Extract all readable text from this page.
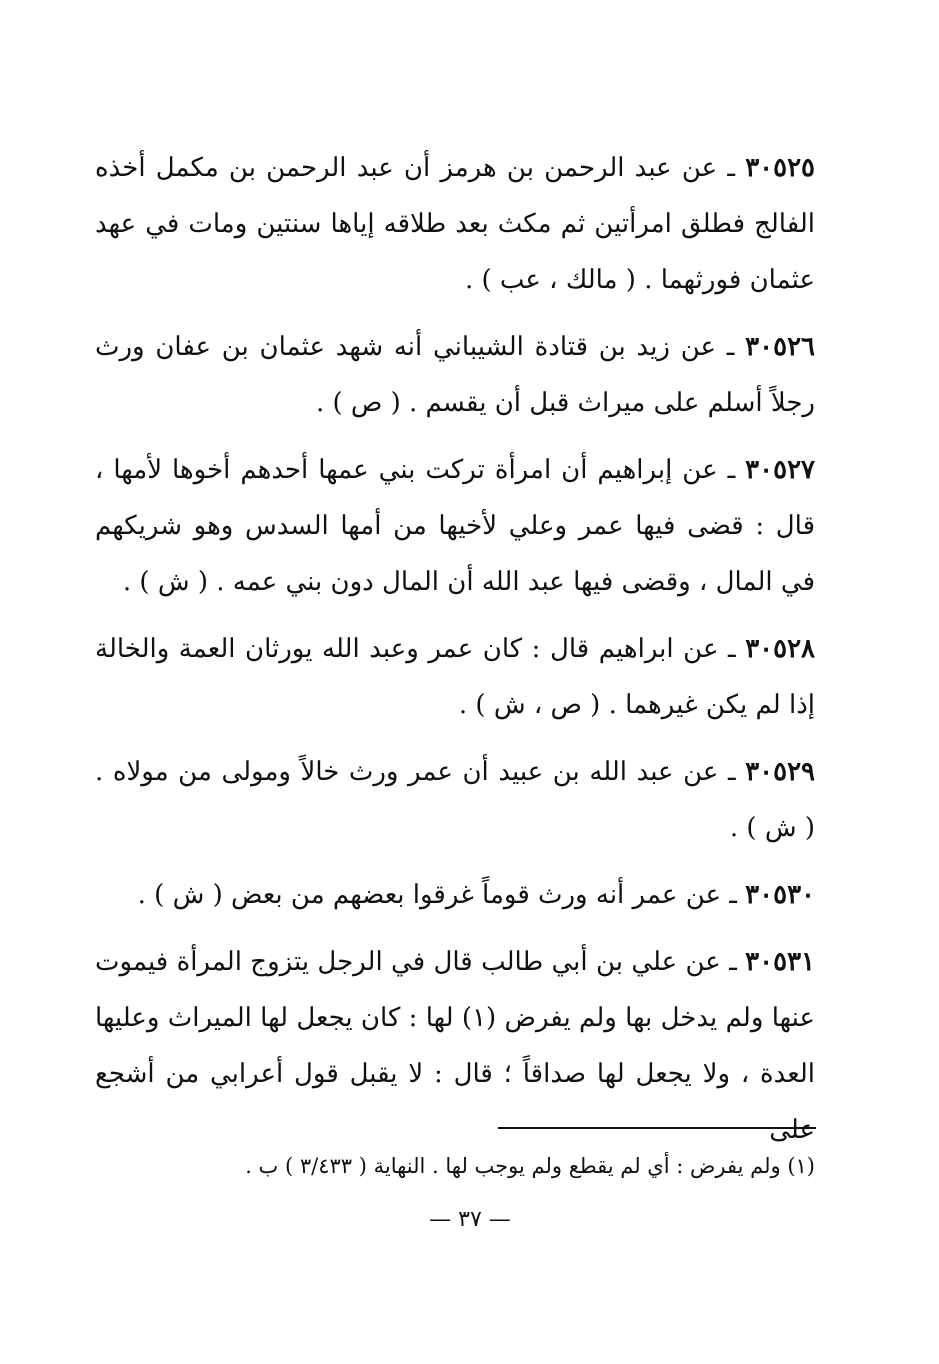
٣٠٥٢٥ ـ عن عبد الرحمن بن هرمز أن عبد الرحمن بن مكمل أخذه الفالج فطلق امرأتين ثم مكث بعد طلاقه إياها سنتين ومات في عهد عثمان فورثهما . ( مالك ، عب ) .

٣٠٥٢٦ ـ عن زيد بن قتادة الشيباني أنه شهد عثمان بن عفان ورث رجلاً أسلم على ميراث قبل أن يقسم . ( ص ) .

٣٠٥٢٧ ـ عن إبراهيم أن امرأة تركت بني عمها أحدهم أخوها لأمها ، قال : قضى فيها عمر وعلي لأخيها من أمها السدس وهو شريكهم في المال ، وقضى فيها عبد الله أن المال دون بني عمه . ( ش ) .

٣٠٥٢٨ ـ عن ابراهيم قال : كان عمر وعبد الله يورثان العمة والخالة إذا لم يكن غيرهما . ( ص ، ش ) .

٣٠٥٢٩ ـ عن عبد الله بن عبيد أن عمر ورث خالاً ومولى من مولاه . ( ش ) .

٣٠٥٣٠ ـ عن عمر أنه ورث قوماً غرقوا بعضهم من بعض ( ش ) .

٣٠٥٣١ ـ عن علي بن أبي طالب قال في الرجل يتزوج المرأة فيموت عنها ولم يدخل بها ولم يفرض (١) لها : كان يجعل لها الميراث وعليها العدة ، ولا يجعل لها صداقاً ؛ قال : لا يقبل قول أعرابي من أشجع على

(١) ولم يفرض : أي لم يقطع ولم يوجب لها . النهاية ( ٣/٤٣٣ ) ب .
— ٣٧ —
